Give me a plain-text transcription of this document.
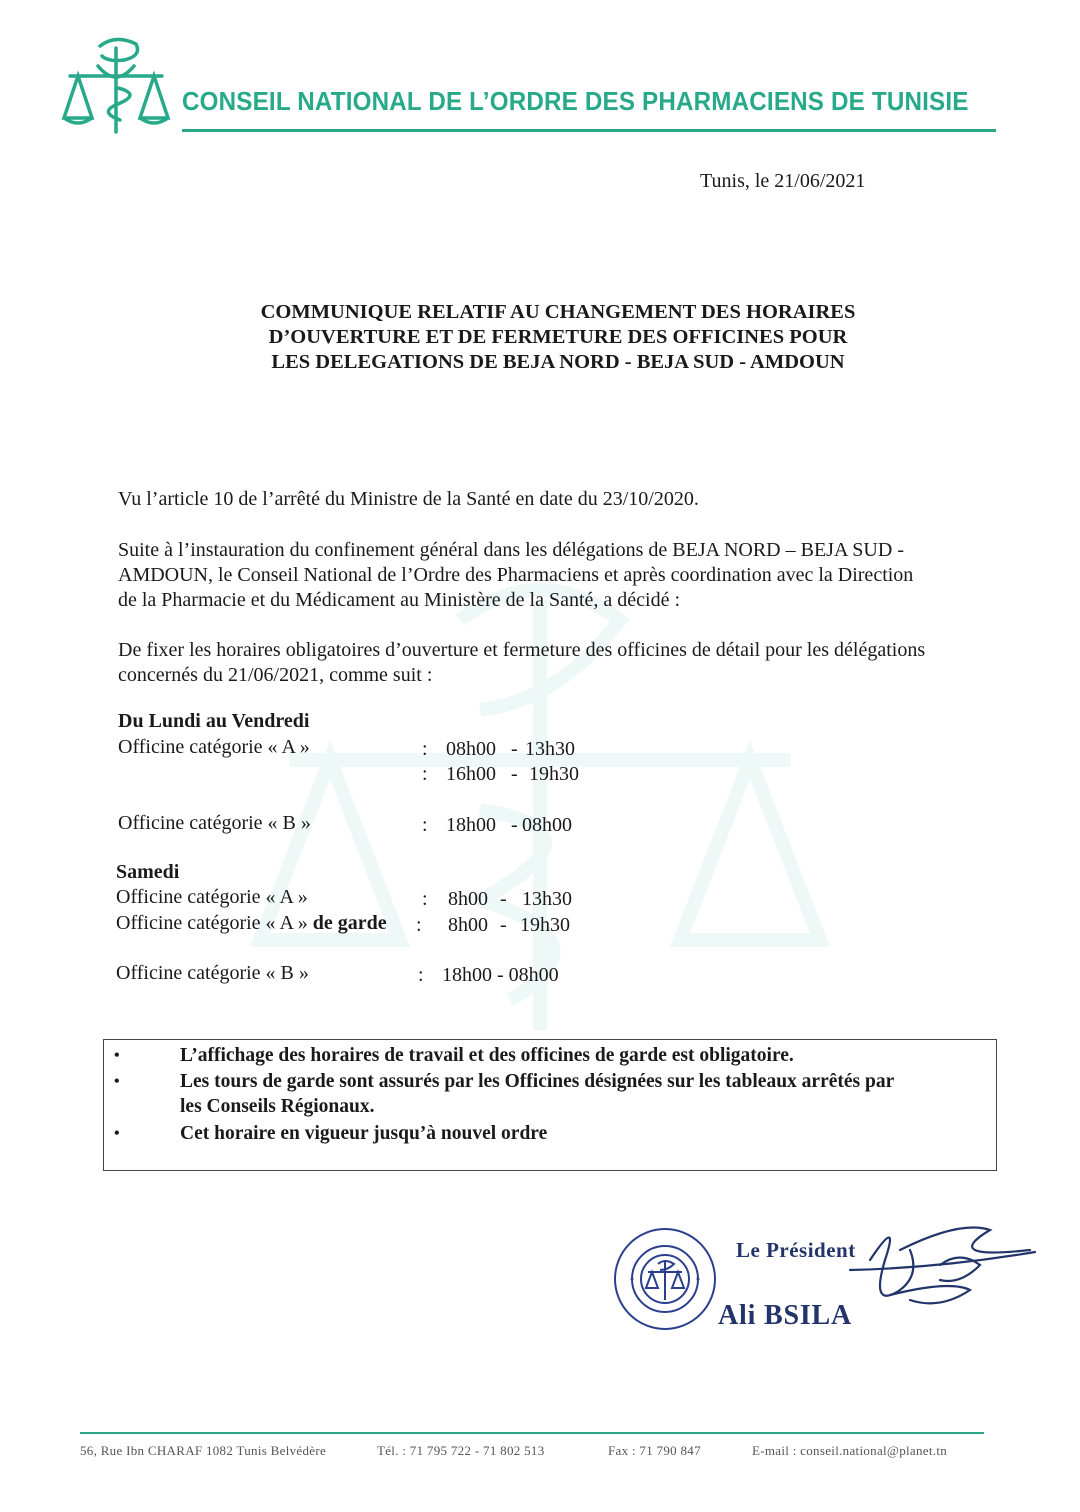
CONSEIL NATIONAL DE L’ORDRE DES PHARMACIENS DE TUNISIE
Tunis, le 21/06/2021
COMMUNIQUE RELATIF AU CHANGEMENT DES HORAIRES
D’OUVERTURE ET DE FERMETURE DES OFFICINES POUR
LES DELEGATIONS DE BEJA NORD - BEJA SUD - AMDOUN
Vu l’article 10 de l’arrêté du Ministre de la Santé en date du 23/10/2020.
Suite à l’instauration du confinement général dans les délégations de BEJA NORD – BEJA SUD -
AMDOUN, le Conseil National de l’Ordre des Pharmaciens et après coordination avec la Direction
de la Pharmacie et du Médicament au Ministère de la Santé, a décidé :
De fixer les horaires obligatoires d’ouverture et fermeture des officines de détail pour les délégations
concernés du 21/06/2021, comme suit :
Du Lundi au Vendredi
Officine catégorie « A »	: 08h00 - 13h30
: 16h00 - 19h30
Officine catégorie « B »	: 18h00 - 08h00
Samedi
Officine catégorie « A »	: 8h00 - 13h30
Officine catégorie « A » de garde : 8h00 - 19h30
Officine catégorie « B »	: 18h00 - 08h00
•	L’affichage des horaires de travail et des officines de garde est obligatoire.
•	Les tours de garde sont assurés par les Officines désignées sur les tableaux arrêtés par
les Conseils Régionaux.
•	Cet horaire en vigueur jusqu’à nouvel ordre
Le Président
Ali BSILA
56, Rue Ibn CHARAF 1082 Tunis Belvédère	Tél. : 71 795 722 - 71 802 513	Fax : 71 790 847	E-mail : conseil.national@planet.tn
